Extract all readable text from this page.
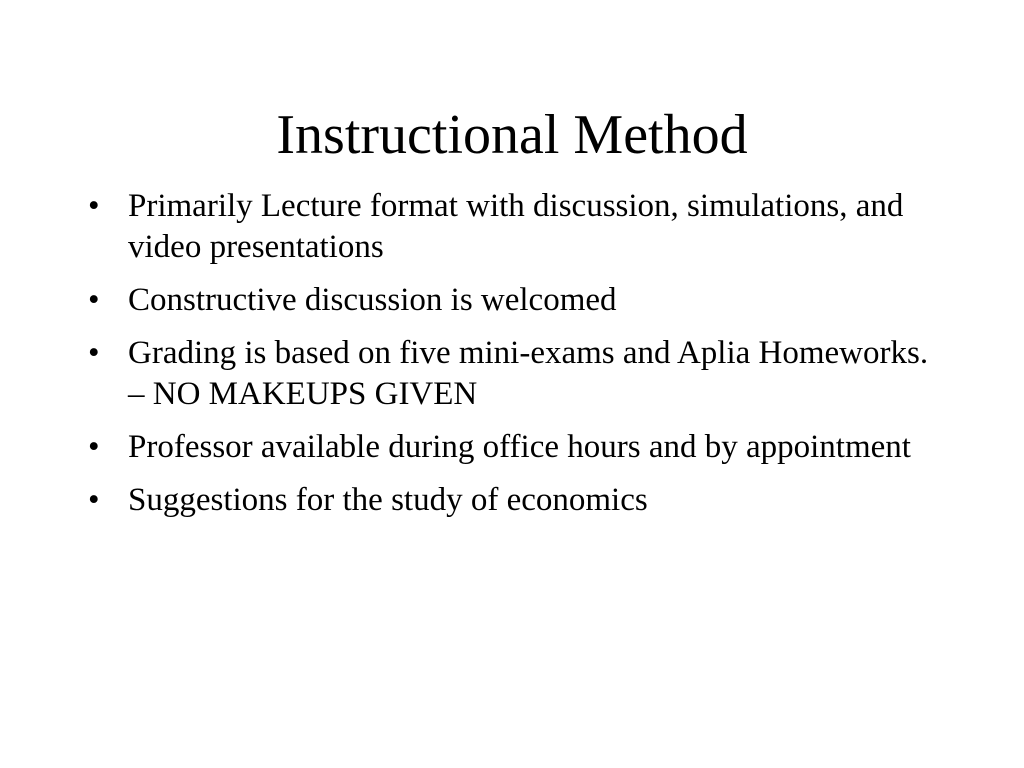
Instructional Method
• Primarily Lecture format with discussion, simulations, and video presentations
• Constructive discussion is welcomed
• Grading is based on five mini-exams and Aplia Homeworks. – NO MAKEUPS GIVEN
• Professor available during office hours and by appointment
• Suggestions for the study of economics
